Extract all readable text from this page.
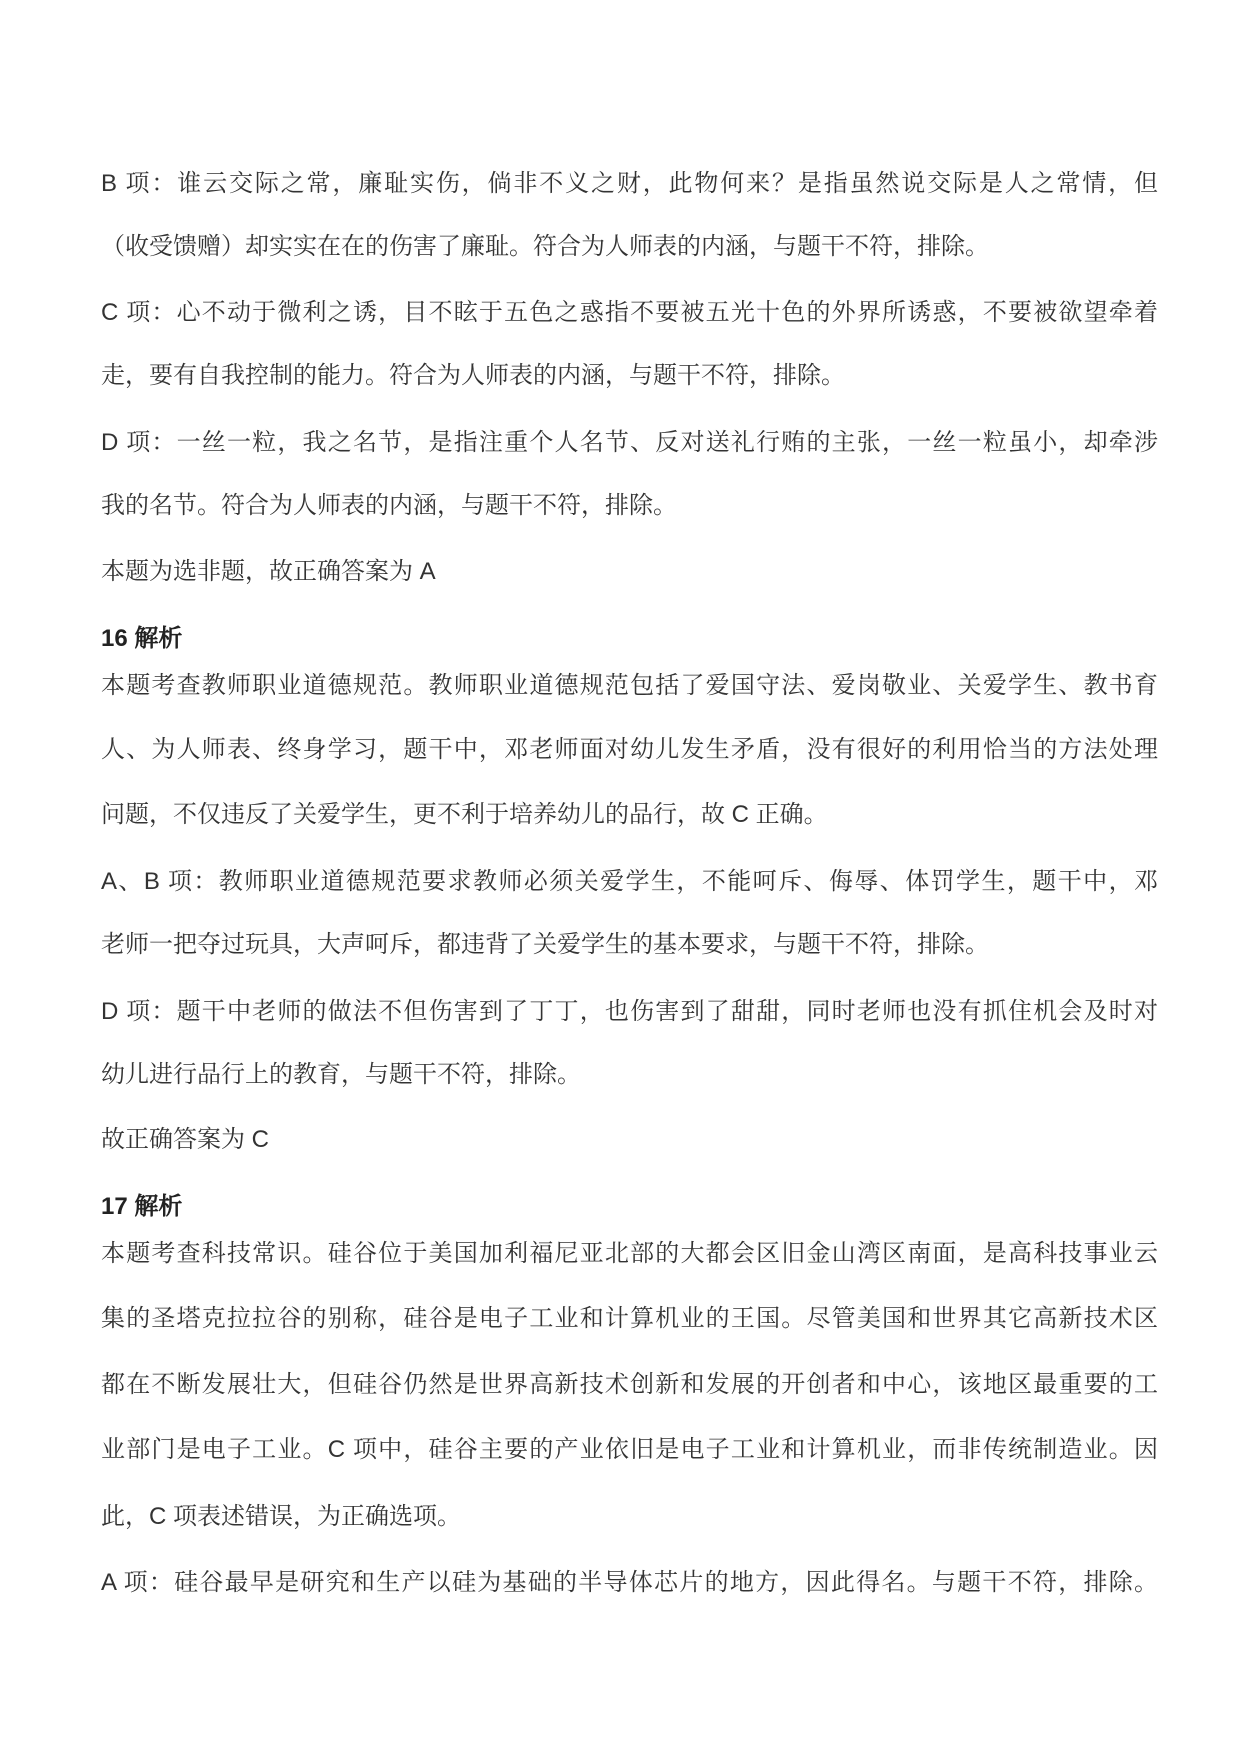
B 项：谁云交际之常，廉耻实伤，倘非不义之财，此物何来？是指虽然说交际是人之常情，但
（收受馈赠）却实实在在的伤害了廉耻。符合为人师表的内涵，与题干不符，排除。
C 项：心不动于微利之诱，目不眩于五色之惑指不要被五光十色的外界所诱惑，不要被欲望牵着
走，要有自我控制的能力。符合为人师表的内涵，与题干不符，排除。
D 项：一丝一粒，我之名节，是指注重个人名节、反对送礼行贿的主张，一丝一粒虽小，却牵涉
我的名节。符合为人师表的内涵，与题干不符，排除。
本题为选非题，故正确答案为 A
16 解析
本题考查教师职业道德规范。教师职业道德规范包括了爱国守法、爱岗敬业、关爱学生、教书育
人、为人师表、终身学习，题干中，邓老师面对幼儿发生矛盾，没有很好的利用恰当的方法处理
问题，不仅违反了关爱学生，更不利于培养幼儿的品行，故 C 正确。
A、B 项：教师职业道德规范要求教师必须关爱学生，不能呵斥、侮辱、体罚学生，题干中，邓
老师一把夺过玩具，大声呵斥，都违背了关爱学生的基本要求，与题干不符，排除。
D 项：题干中老师的做法不但伤害到了丁丁，也伤害到了甜甜，同时老师也没有抓住机会及时对
幼儿进行品行上的教育，与题干不符，排除。
故正确答案为 C
17 解析
本题考查科技常识。硅谷位于美国加利福尼亚北部的大都会区旧金山湾区南面，是高科技事业云
集的圣塔克拉拉谷的别称，硅谷是电子工业和计算机业的王国。尽管美国和世界其它高新技术区
都在不断发展壮大，但硅谷仍然是世界高新技术创新和发展的开创者和中心，该地区最重要的工
业部门是电子工业。C 项中，硅谷主要的产业依旧是电子工业和计算机业，而非传统制造业。因
此，C 项表述错误，为正确选项。
A 项：硅谷最早是研究和生产以硅为基础的半导体芯片的地方，因此得名。与题干不符，排除。
